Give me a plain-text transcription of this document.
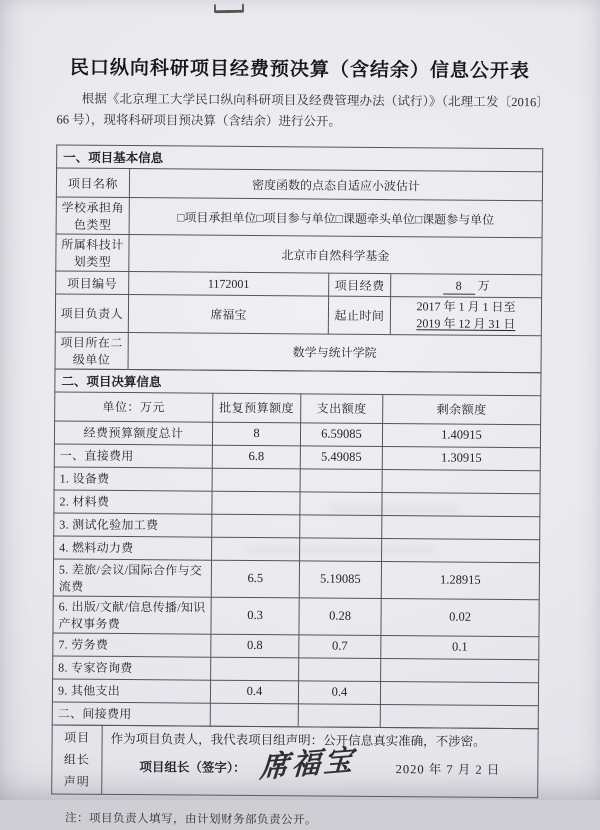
民口纵向科研项目经费预决算（含结余）信息公开表

根据《北京理工大学民口纵向科研项目及经费管理办法（试行）》（北理工发〔2016〕66 号），现将科研项目预决算（含结余）进行公开。

一、项目基本信息			
项目名称	密度函数的点态自适应小波估计		
学校承担角色类型	□项目承担单位□项目参与单位□课题牵头单位□课题参与单位		
所属科技计划类型	北京市自然科学基金		
项目编号	1172001	项目经费	8 万
项目负责人	席福宝	起止时间	2017 年 1 月 1 日至
2019 年 12 月 31 日

项目所在二级单位	数学与统计学院		
二、项目决算信息			
单位：万元	批复预算额度	支出额度	剩余额度
经费预算额度总计	8	6.59085	1.40915
一、直接费用	6.8	5.49085	1.30915
1. 设备费			
2. 材料费			
3. 测试化验加工费			
4. 燃料动力费			
5. 差旅/会议/国际合作与交流费	6.5	5.19085	1.28915
6. 出版/文献/信息传播/知识产权事务费	0.3	0.28	0.02
7. 劳务费	0.8	0.7	0.1
8. 专家咨询费			
9. 其他支出	0.4	0.4	
二、间接费用			
项目
组长
声明

作为项目负责人，我代表项目组声明：公开信息真实准确，不涉密。
项目组长（签字）： 席福宝	2020 年 7 月 2 日

注：项目负责人填写，由计划财务部负责公开。
